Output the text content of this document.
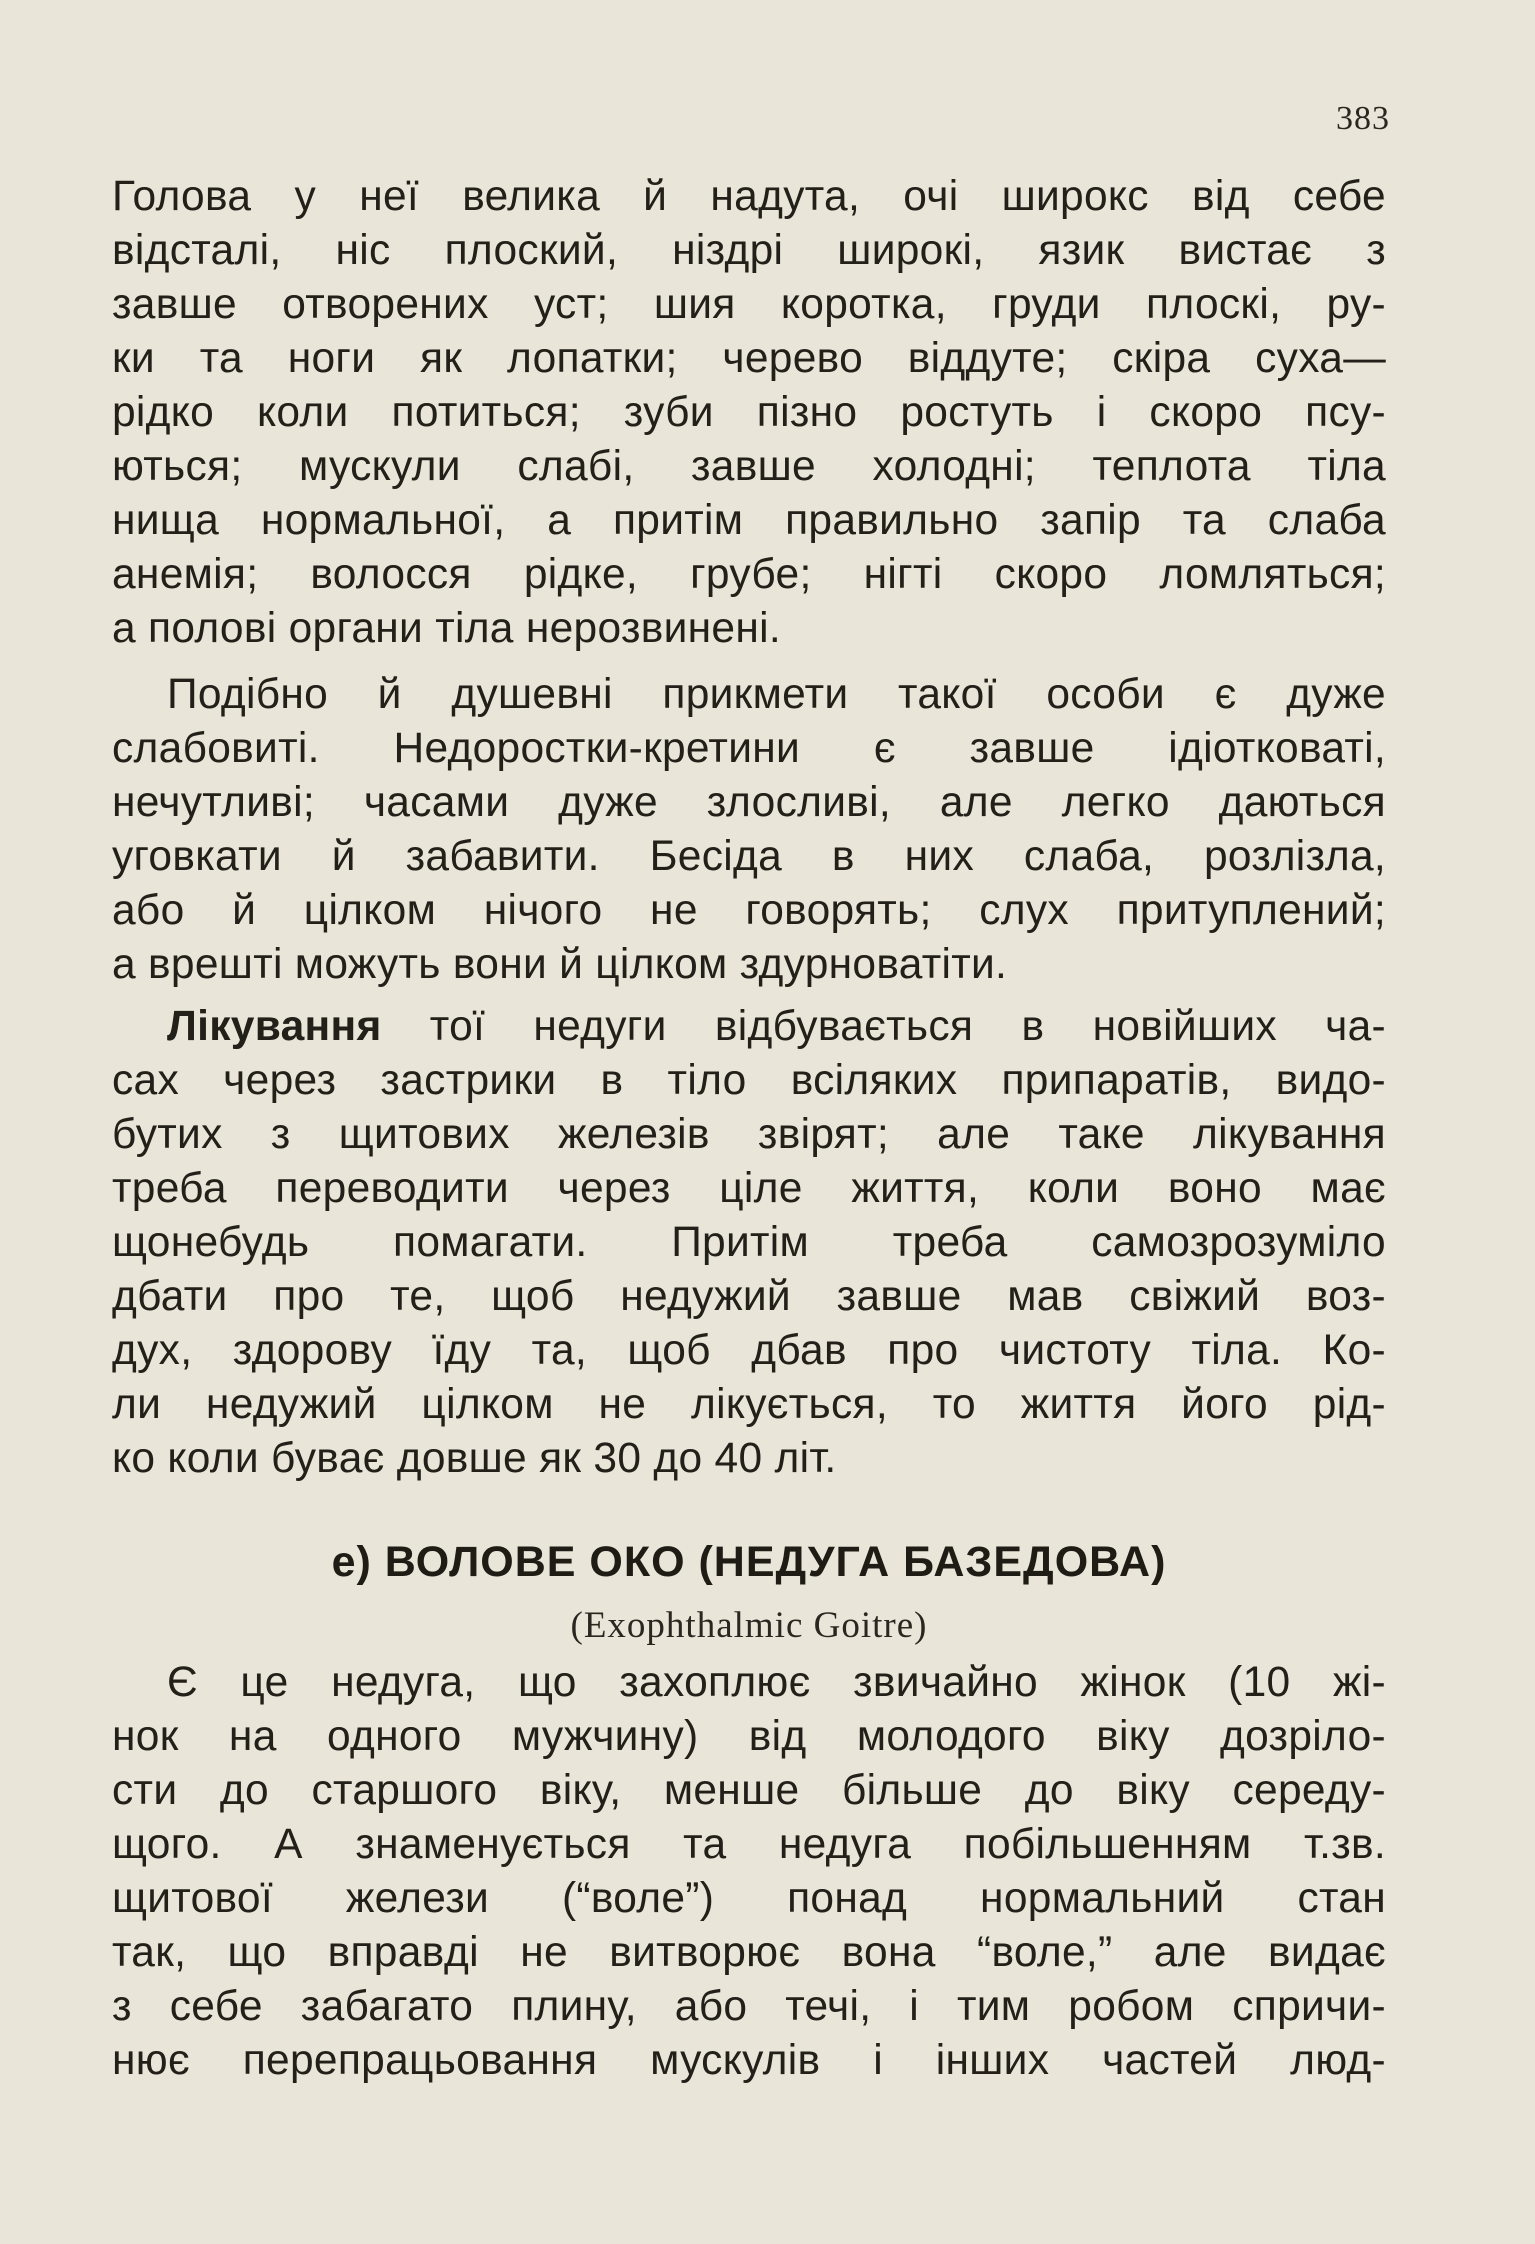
383
Голова у неї велика й надута, очі широкс від себе
відсталі, ніс плоский, ніздрі широкі, язик вистає з
завше отворених уст; шия коротка, груди плоскі, ру-
ки та ноги як лопатки; черево віддуте; скіра суха—
рідко коли потиться; зуби пізно ростуть і скоро псу-
ються; мускули слабі, завше холодні; теплота тіла
нища нормальної, а притім правильно запір та слаба
анемія; волосся рідке, грубе; нігті скоро ломляться;
а полові органи тіла нерозвинені.
Подібно й душевні прикмети такої особи є дуже
слабовиті. Недоростки-кретини є завше ідіотковаті,
нечутливі; часами дуже злосливі, але легко даються
уговкати й забавити. Бесіда в них слаба, розлізла,
або й цілком нічого не говорять; слух притуплений;
а врешті можуть вони й цілком здурноватіти.
Лікування тої недуги відбувається в новійших ча-
сах через застрики в тіло всіляких припаратів, видо-
бутих з щитових железів звірят; але таке лікування
треба переводити через ціле життя, коли воно має
щонебудь помагати. Притім треба самозрозуміло
дбати про те, щоб недужий завше мав свіжий воз-
дух, здорову їду та, щоб дбав про чистоту тіла. Ко-
ли недужий цілком не лікується, то життя його рід-
ко коли буває довше як 30 до 40 літ.
e) ВОЛОВЕ ОКО (НЕДУГА БАЗЕДОВА)
(Exophthalmic Goitre)
Є це недуга, що захоплює звичайно жінок (10 жі-
нок на одного мужчину) від молодого віку дозріло-
сти до старшого віку, менше більше до віку середу-
щого. А знаменується та недуга побільшенням т.зв.
щитової желези (“воле”) понад нормальний стан
так, що вправді не витворює вона “воле,” але видає
з себе забагато плину, або течі, і тим робом спричи-
нює перепрацьовання мускулів і інших частей люд-
